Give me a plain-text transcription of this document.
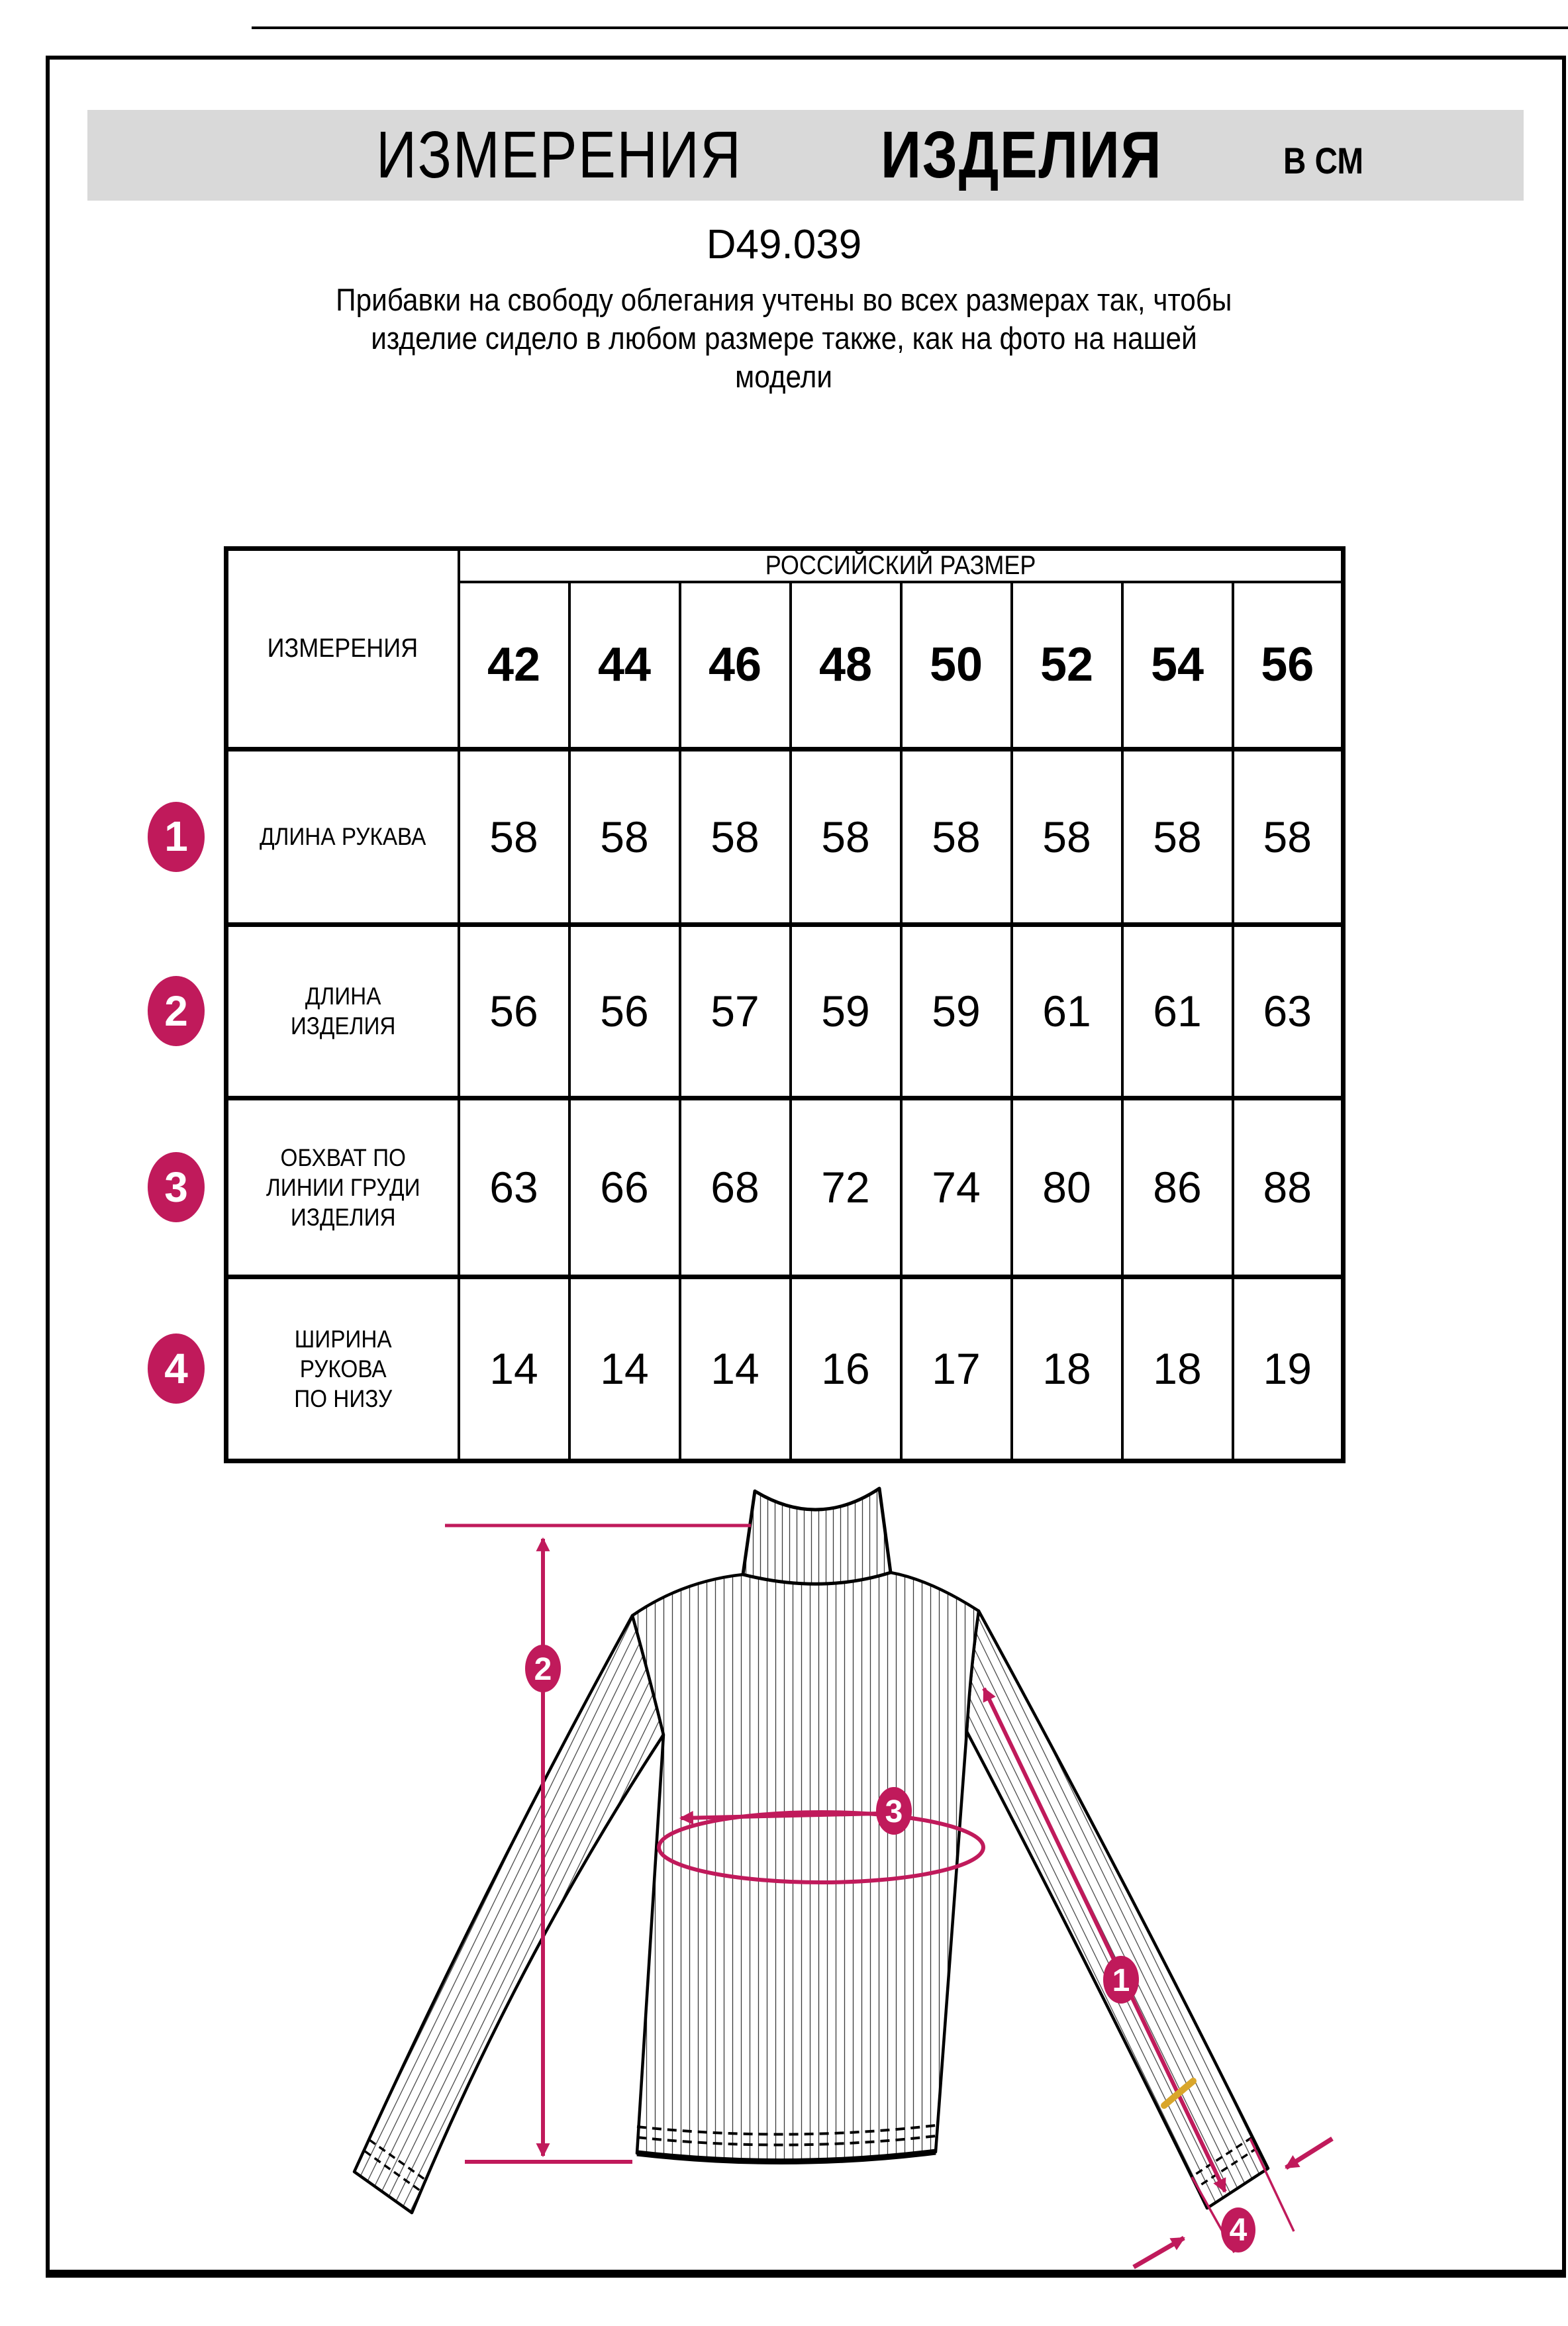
ИЗМЕРЕНИЯ ИЗДЕЛИЯ	В СМ
D49.039
Прибавки на свободу облегания учтены во всех размерах так, чтобы
изделие сидело в любом размере также, как на фото на нашей
модели
ИЗМЕРЕНИЯ	РОССИЙСКИЙ РАЗМЕР							
	42	44	46	48	50	52	54	56

1 ДЛИНА РУКАВА	58	58	58	58	58	58	58	58

2 ДЛИНА
ИЗДЕЛИЯ	56	56	57	59	59	61	61	63

3
ОБХВАТ ПО
ЛИНИИ ГРУДИ
ИЗДЕЛИЯ	63	66	68	72	74	80	86	88

4
ШИРИНА
РУКОВА
ПО НИЗУ	14	14	14	16	17	18	18	19
2
3
1
4
